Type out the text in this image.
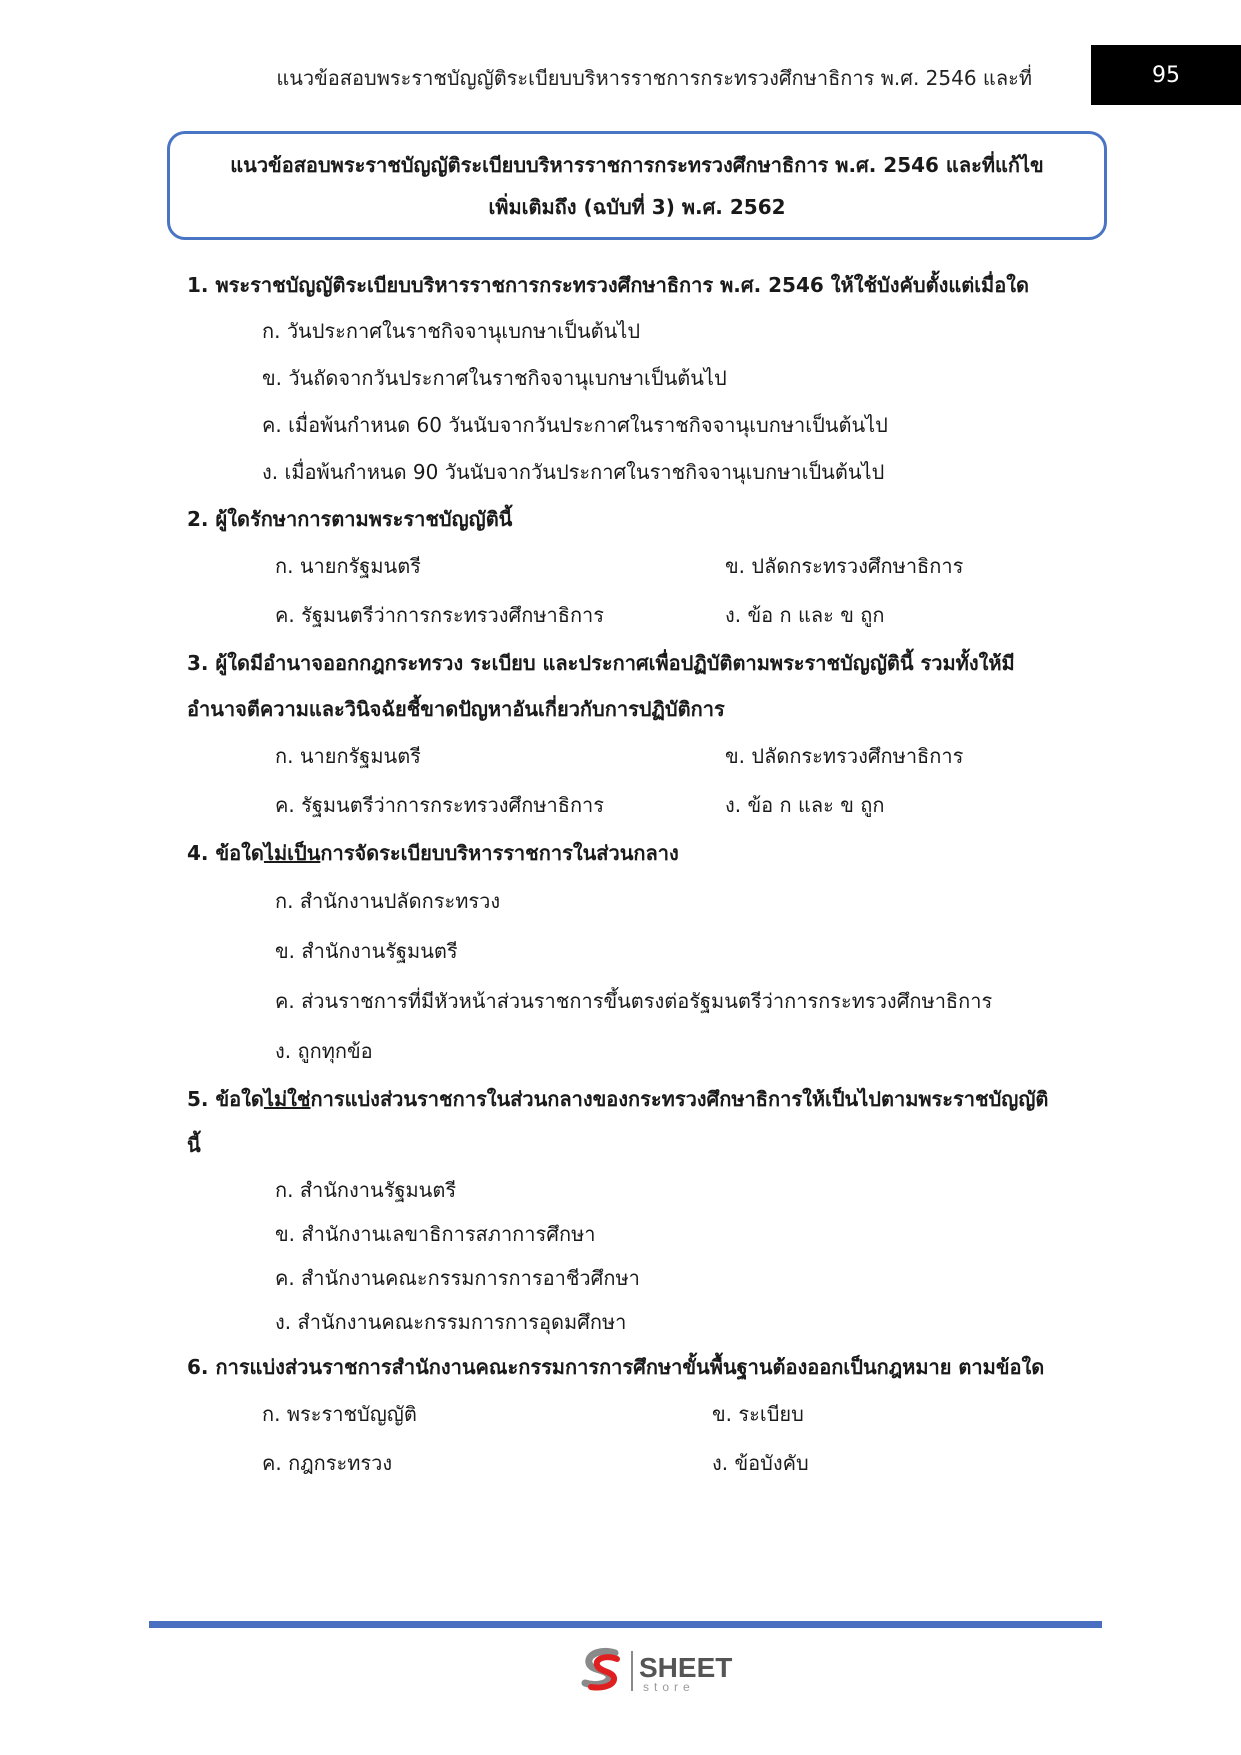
แนวข้อสอบพระราชบัญญัติระเบียบบริหารราชการกระทรวงศึกษาธิการ พ.ศ. 2546 และที่	95
แนวข้อสอบพระราชบัญญัติระเบียบบริหารราชการกระทรวงศึกษาธิการ พ.ศ. 2546 และที่แก้ไข
เพิ่มเติมถึง (ฉบับที่ 3) พ.ศ. 2562
1. พระราชบัญญัติระเบียบบริหารราชการกระทรวงศึกษาธิการ พ.ศ. 2546 ให้ใช้บังคับตั้งแต่เมื่อใด
ก. วันประกาศในราชกิจจานุเบกษาเป็นต้นไป
ข. วันถัดจากวันประกาศในราชกิจจานุเบกษาเป็นต้นไป
ค. เมื่อพ้นกำหนด 60 วันนับจากวันประกาศในราชกิจจานุเบกษาเป็นต้นไป
ง. เมื่อพ้นกำหนด 90 วันนับจากวันประกาศในราชกิจจานุเบกษาเป็นต้นไป
2. ผู้ใดรักษาการตามพระราชบัญญัตินี้
ก. นายกรัฐมนตรี	ข. ปลัดกระทรวงศึกษาธิการ
ค. รัฐมนตรีว่าการกระทรวงศึกษาธิการ	ง. ข้อ ก และ ข ถูก
3. ผู้ใดมีอำนาจออกกฎกระทรวง ระเบียบ และประกาศเพื่อปฏิบัติตามพระราชบัญญัตินี้ รวมทั้งให้มี
อำนาจตีความและวินิจฉัยชี้ขาดปัญหาอันเกี่ยวกับการปฏิบัติการ
ก. นายกรัฐมนตรี	ข. ปลัดกระทรวงศึกษาธิการ
ค. รัฐมนตรีว่าการกระทรวงศึกษาธิการ	ง. ข้อ ก และ ข ถูก
4. ข้อใดไม่เป็นการจัดระเบียบบริหารราชการในส่วนกลาง
ก. สำนักงานปลัดกระทรวง
ข. สำนักงานรัฐมนตรี
ค. ส่วนราชการที่มีหัวหน้าส่วนราชการขึ้นตรงต่อรัฐมนตรีว่าการกระทรวงศึกษาธิการ
ง. ถูกทุกข้อ
5. ข้อใดไม่ใช่การแบ่งส่วนราชการในส่วนกลางของกระทรวงศึกษาธิการให้เป็นไปตามพระราชบัญญัติ
นี้
ก. สำนักงานรัฐมนตรี
ข. สำนักงานเลขาธิการสภาการศึกษา
ค. สำนักงานคณะกรรมการการอาชีวศึกษา
ง. สำนักงานคณะกรรมการการอุดมศึกษา
6. การแบ่งส่วนราชการสำนักงานคณะกรรมการการศึกษาขั้นพื้นฐานต้องออกเป็นกฎหมาย ตามข้อใด
ก. พระราชบัญญัติ	ข. ระเบียบ
ค. กฎกระทรวง	ง. ข้อบังคับ
SHEET
store
